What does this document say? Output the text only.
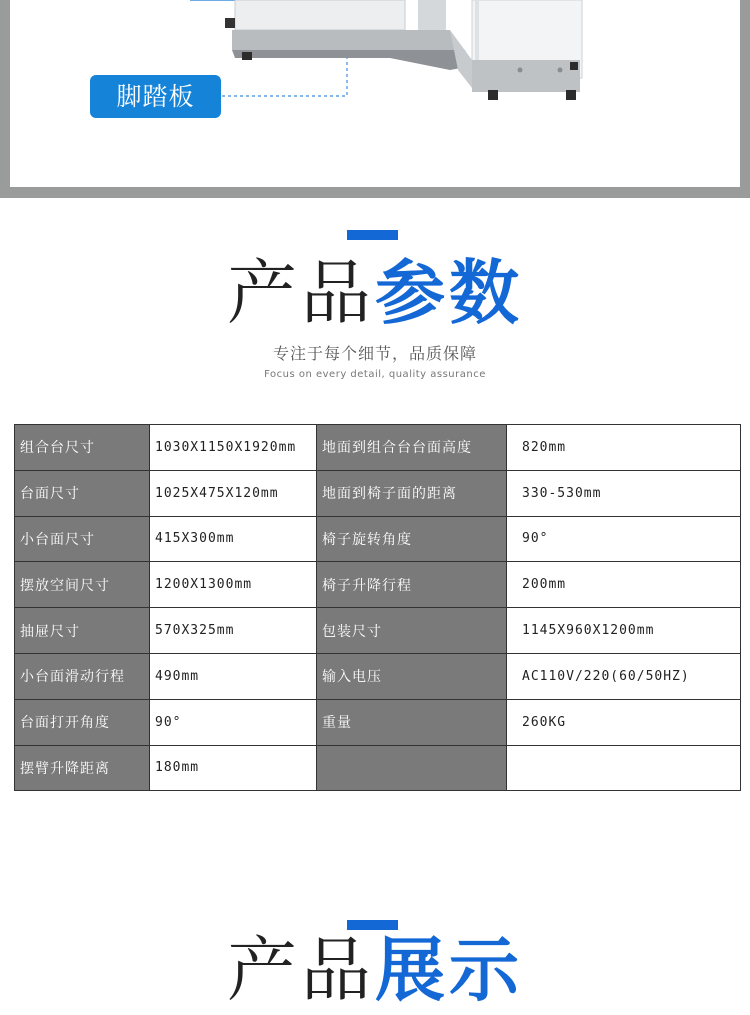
脚踏板
产品参数
专注于每个细节，品质保障
Focus on every detail, quality assurance
组合台尺寸	1030X1150X1920mm	地面到组合台台面高度	820mm
台面尺寸	1025X475X120mm	地面到椅子面的距离	330-530mm
小台面尺寸	415X300mm	椅子旋转角度	90°
摆放空间尺寸	1200X1300mm	椅子升降行程	200mm
抽屉尺寸	570X325mm	包装尺寸	1145X960X1200mm
小台面滑动行程	490mm	输入电压	AC110V/220(60/50HZ)
台面打开角度	90°	重量	260KG
摆臂升降距离	180mm		
产品展示
